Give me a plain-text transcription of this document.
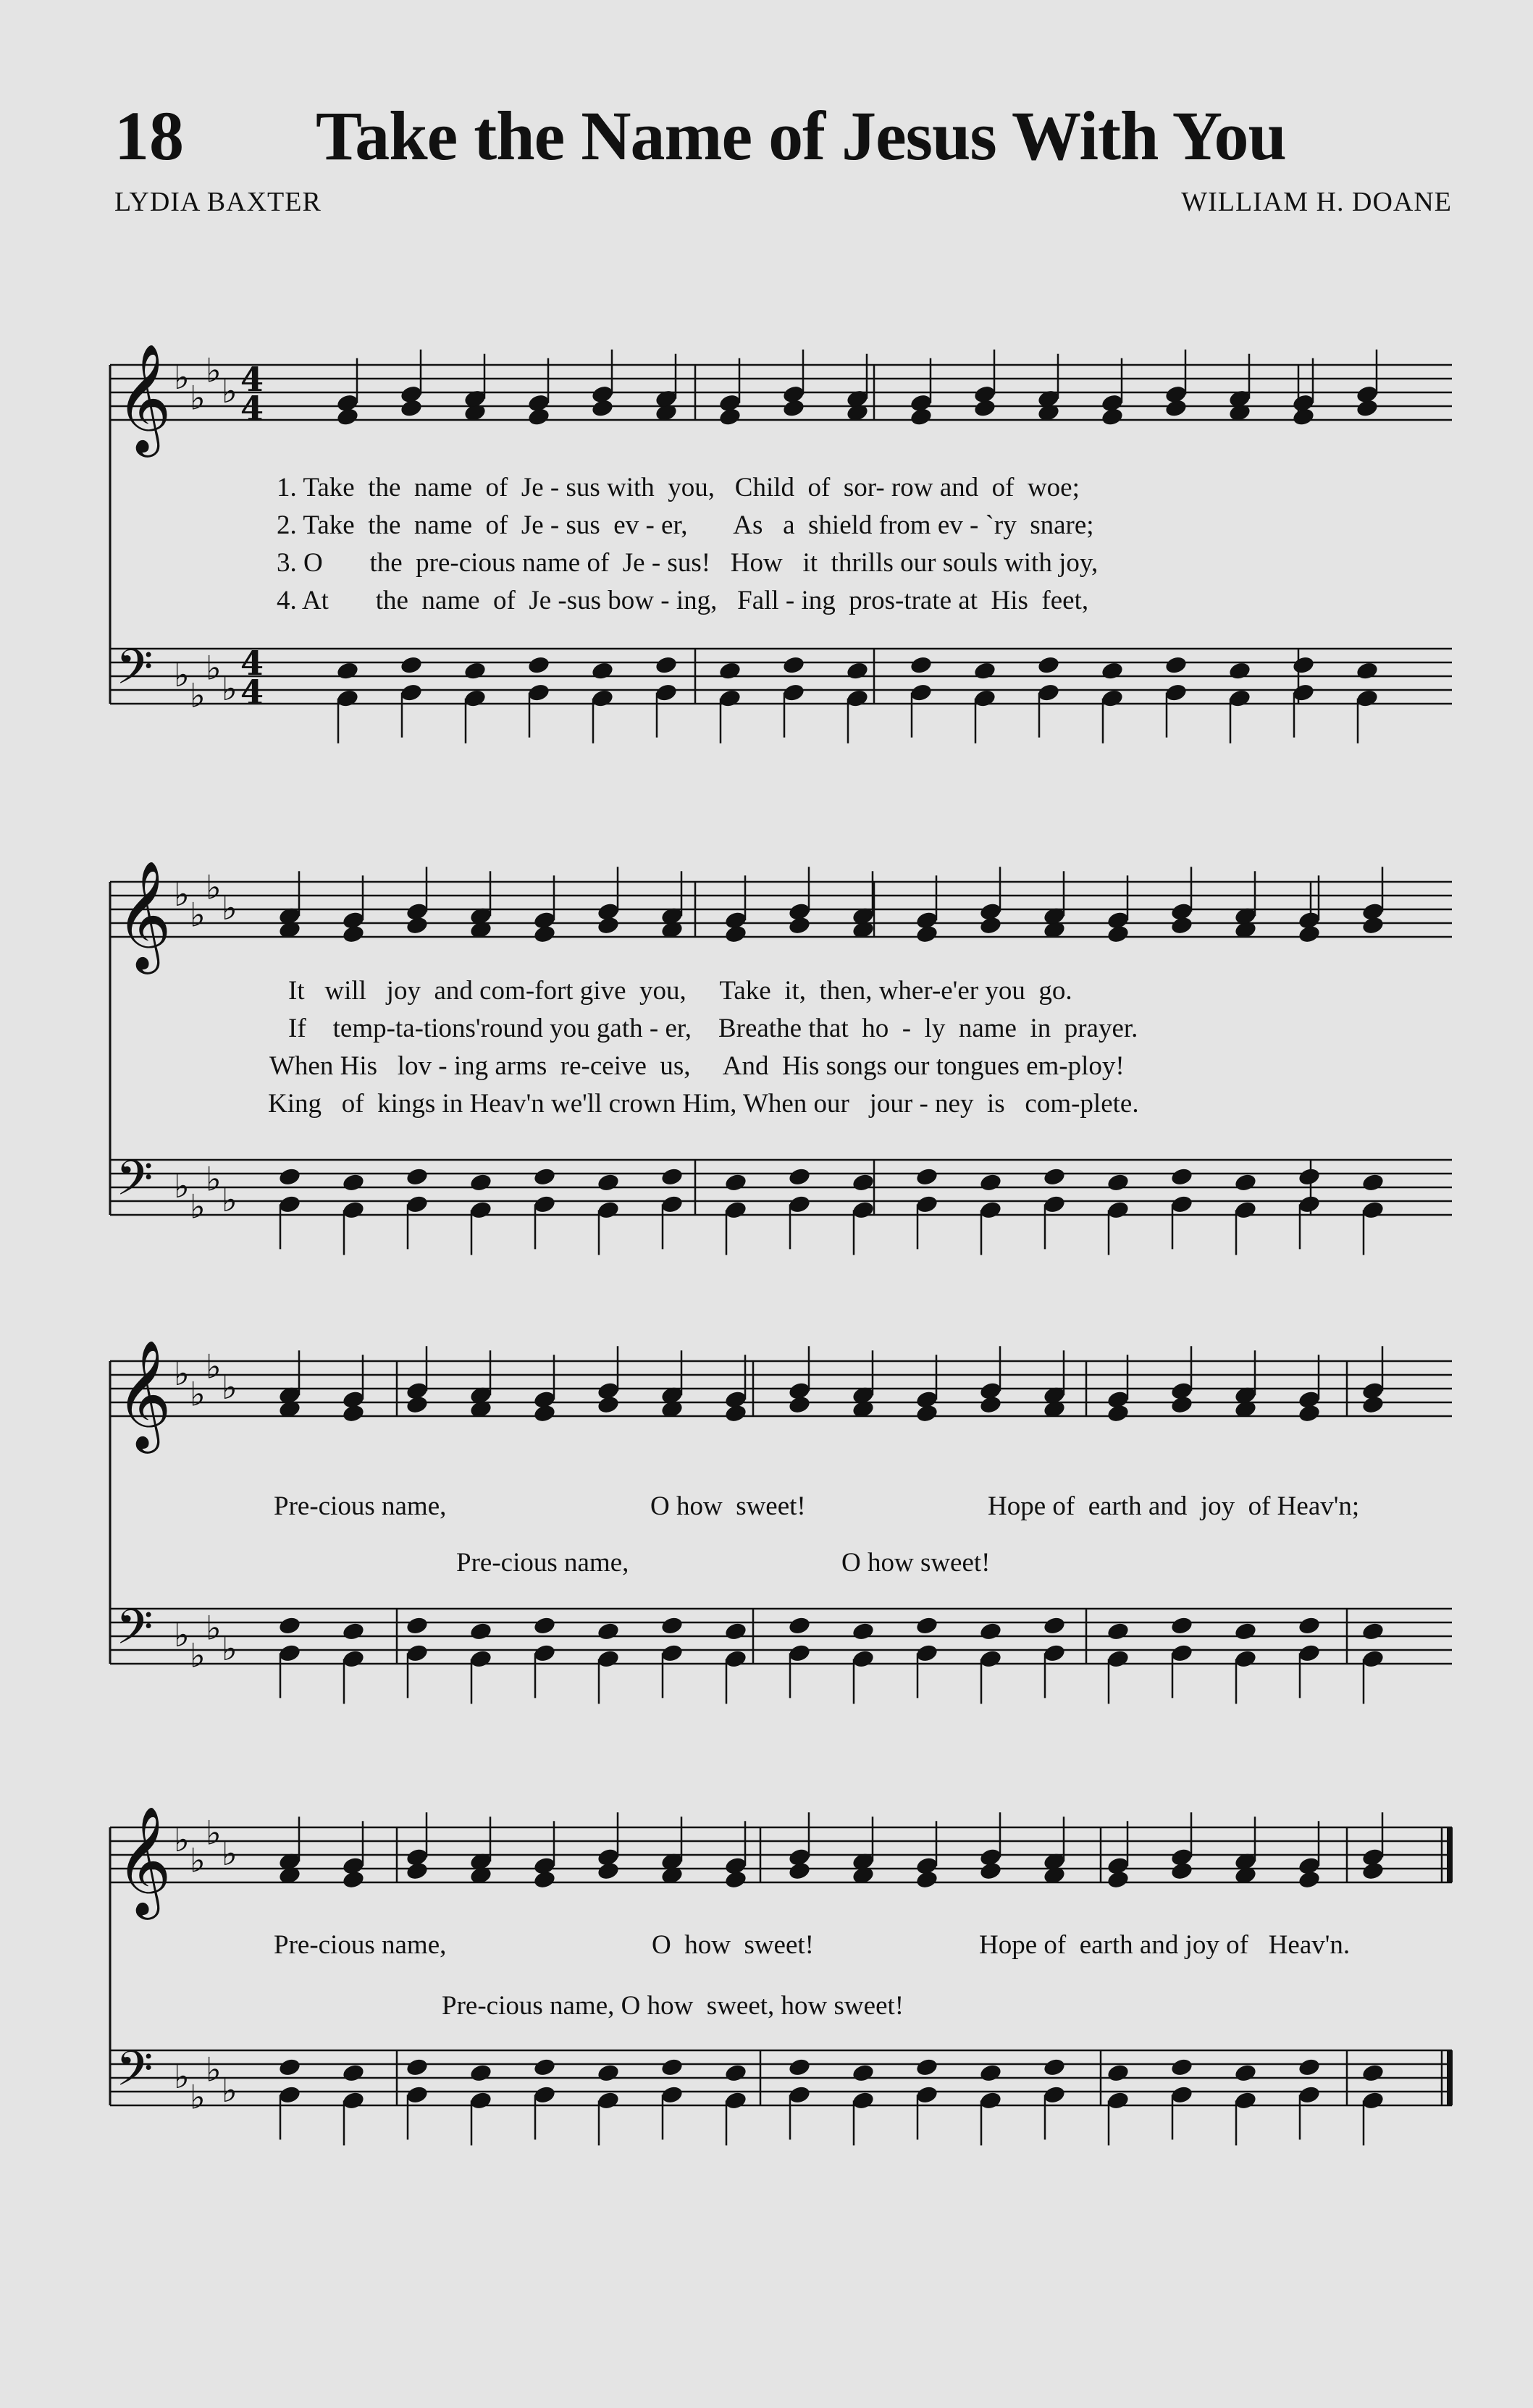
18 Take the Name of Jesus With You
LYDIA BAXTER	WILLIAM H. DOANE
𝄞 ♭
♭
♭
♭ 4
4
𝄢 ♭
♭
♭
♭
4
4
𝄞 ♭
♭
♭
♭
𝄢 ♭
♭
♭
♭
𝄞 ♭
♭
♭
♭
𝄢 ♭
♭
♭
♭
𝄞 ♭
♭
♭
♭
𝄢 ♭
♭
♭
♭
1. Take  the  name  of  Je - sus with  you,   Child  of  sor- row and  of  woe;
2. Take  the  name  of  Je - sus  ev - er,       As   a  shield from ev - `ry  snare;
3. O       the  pre-cious name of  Je - sus!   How   it  thrills our souls with joy,
4. At       the  name  of  Je -sus bow - ing,   Fall - ing  pros-trate at  His  feet,
It   will   joy  and com-fort give  you,     Take  it,  then, wher-e'er you  go.
If    temp-ta-tions'round you gath - er,    Breathe that  ho  -  ly  name  in  prayer.
When His   lov - ing arms  re-ceive  us,     And  His songs our tongues em-ploy!
King   of  kings in Heav'n we'll crown Him, When our   jour - ney  is   com-plete.
Pre-cious name,	O how  sweet!	Hope of  earth and  joy  of Heav'n;
Pre-cious name,	O how sweet!
Pre-cious name,	O  how  sweet!	Hope of  earth and joy of   Heav'n.
Pre-cious name, O how  sweet, how sweet!
